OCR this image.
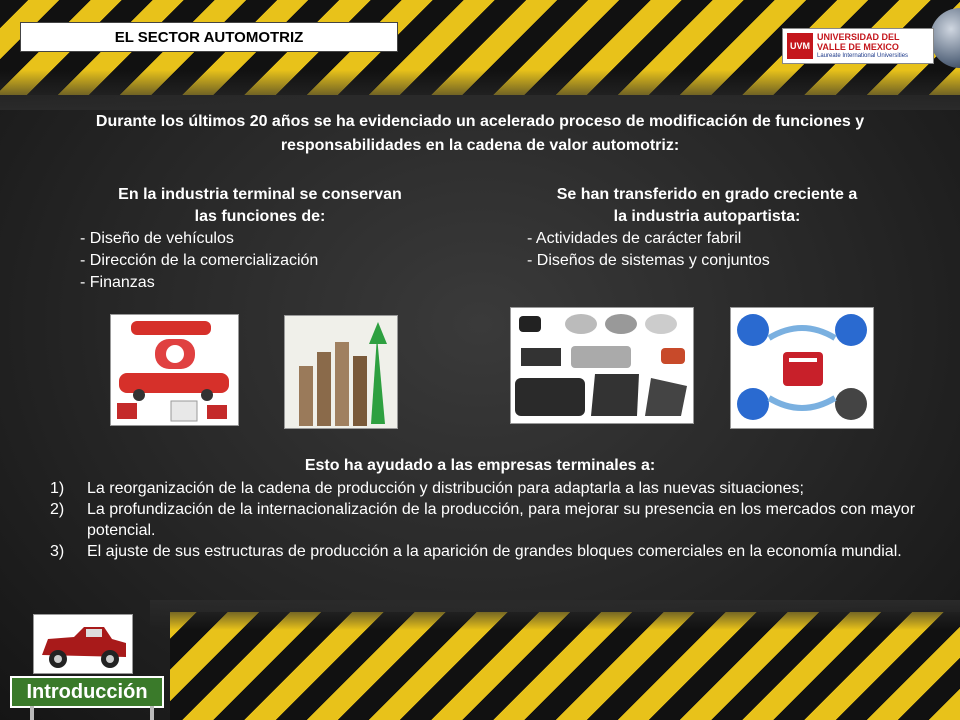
EL SECTOR AUTOMOTRIZ
UVM
UNIVERSIDAD DEL
VALLE DE MEXICO
Laureate International Universities
Durante los últimos 20 años se ha evidenciado un acelerado proceso de modificación de funciones y responsabilidades en la cadena de valor automotriz:
En la industria terminal se conservan
las funciones de:
- Diseño de vehículos
- Dirección de la comercialización
- Finanzas
Se han transferido en grado creciente a
la industria autopartista:
- Actividades de carácter fabril
- Diseños de sistemas y conjuntos
Esto ha ayudado a las empresas terminales a:
1)	La reorganización de la cadena de producción y distribución para adaptarla a las nuevas situaciones;
2)	La profundización de la internacionalización de la producción, para mejorar su presencia en los mercados con mayor potencial.
3)	El ajuste de sus estructuras de producción a la aparición de grandes bloques comerciales en la economía mundial.
Introducción
